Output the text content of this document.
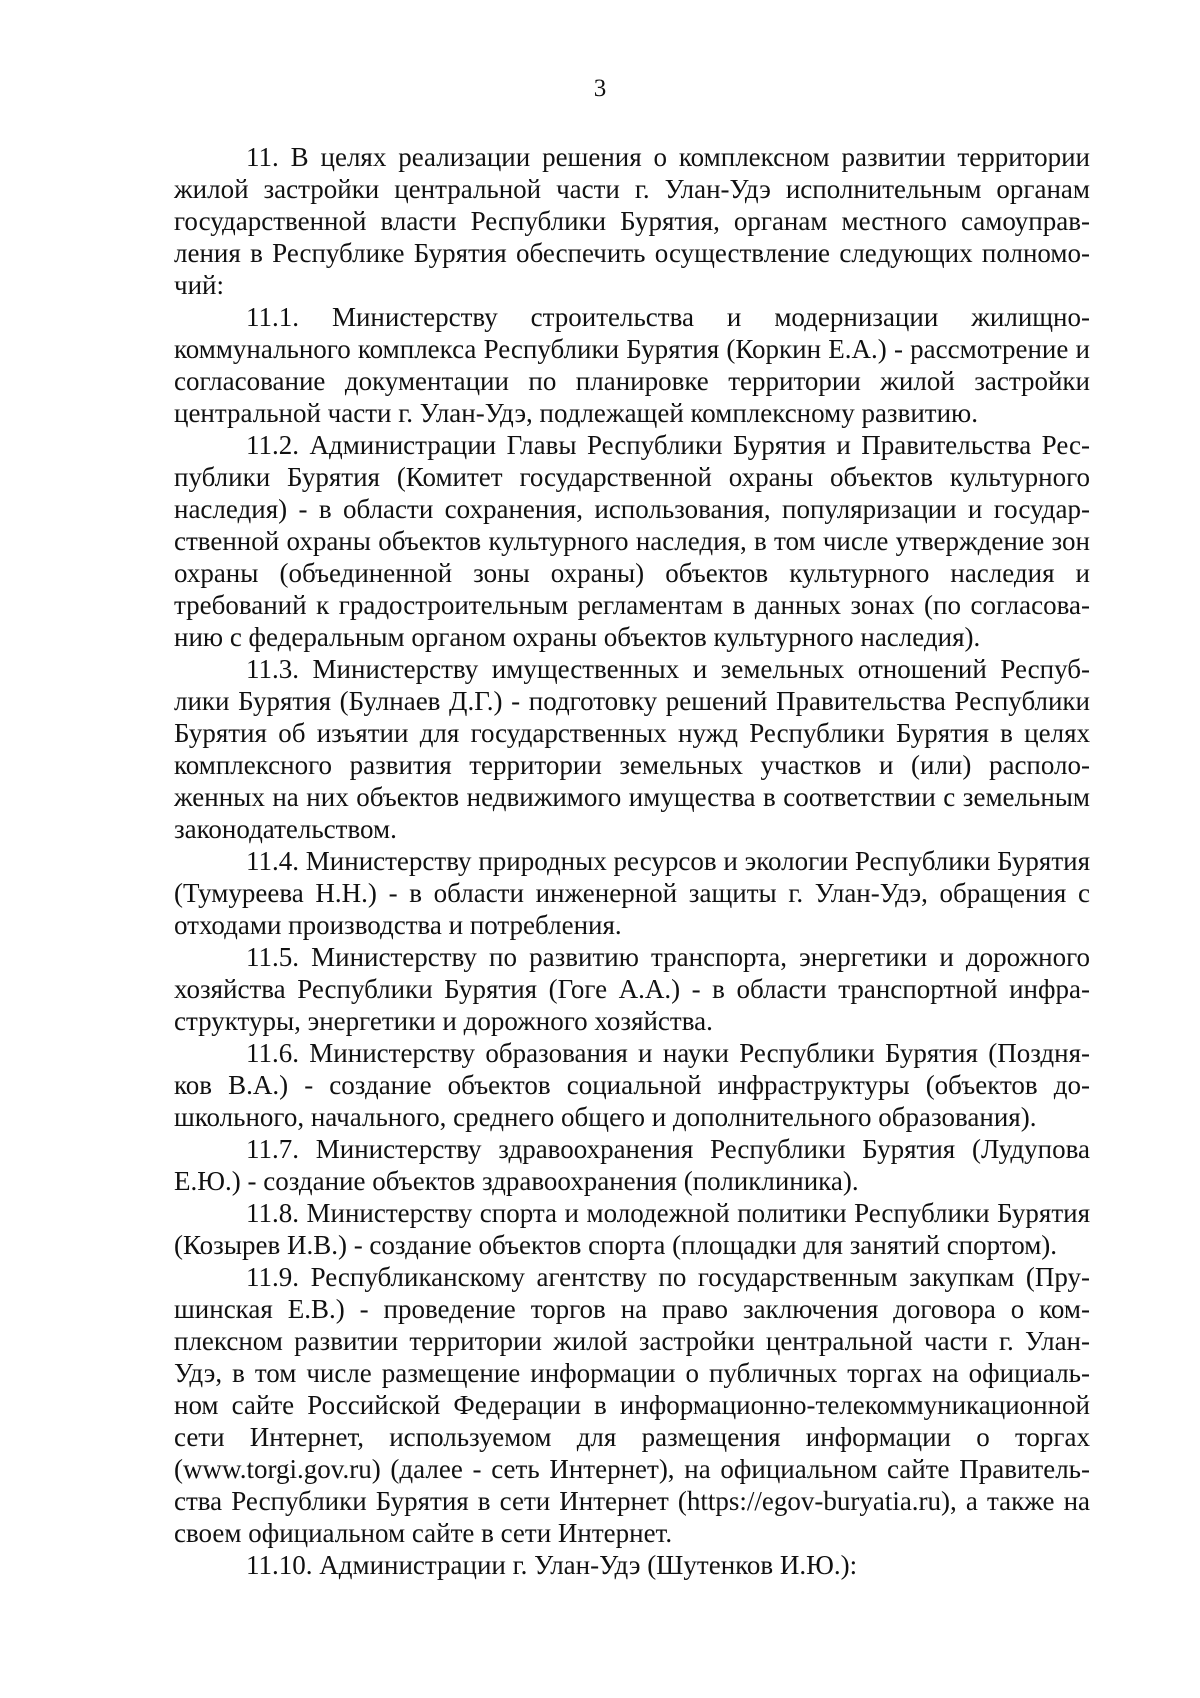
3

11. В целях реализации решения о комплексном развитии территории жилой застройки центральной части г. Улан-Удэ исполнительным органам государственной власти Республики Бурятия, органам местного самоуправления в Республике Бурятия обеспечить осуществление следующих полномочий:

11.1. Министерству строительства и модернизации жилищно-коммунального комплекса Республики Бурятия (Коркин Е.А.) - рассмотрение и согласование документации по планировке территории жилой застройки центральной части г. Улан-Удэ, подлежащей комплексному развитию.

11.2. Администрации Главы Республики Бурятия и Правительства Республики Бурятия (Комитет государственной охраны объектов культурного наследия) - в области сохранения, использования, популяризации и государственной охраны объектов культурного наследия, в том числе утверждение зон охраны (объединенной зоны охраны) объектов культурного наследия и требований к градостроительным регламентам в данных зонах (по согласованию с федеральным органом охраны объектов культурного наследия).

11.3. Министерству имущественных и земельных отношений Республики Бурятия (Булнаев Д.Г.) - подготовку решений Правительства Республики Бурятия об изъятии для государственных нужд Республики Бурятия в целях комплексного развития территории земельных участков и (или) расположенных на них объектов недвижимого имущества в соответствии с земельным законодательством.

11.4. Министерству природных ресурсов и экологии Республики Бурятия (Тумуреева Н.Н.) - в области инженерной защиты г. Улан-Удэ, обращения с отходами производства и потребления.

11.5. Министерству по развитию транспорта, энергетики и дорожного хозяйства Республики Бурятия (Гоге А.А.) - в области транспортной инфраструктуры, энергетики и дорожного хозяйства.

11.6. Министерству образования и науки Республики Бурятия (Поздняков В.А.) - создание объектов социальной инфраструктуры (объектов дошкольного, начального, среднего общего и дополнительного образования).

11.7. Министерству здравоохранения Республики Бурятия (Лудупова Е.Ю.) - создание объектов здравоохранения (поликлиника).

11.8. Министерству спорта и молодежной политики Республики Бурятия (Козырев И.В.) - создание объектов спорта (площадки для занятий спортом).

11.9. Республиканскому агентству по государственным закупкам (Прушинская Е.В.) - проведение торгов на право заключения договора о комплексном развитии территории жилой застройки центральной части г. Улан-Удэ, в том числе размещение информации о публичных торгах на официальном сайте Российской Федерации в информационно-телекоммуникационной сети Интернет, используемом для размещения информации о торгах (www.torgi.gov.ru) (далее - сеть Интернет), на официальном сайте Правительства Республики Бурятия в сети Интернет (https://egov-buryatia.ru), а также на своем официальном сайте в сети Интернет.

11.10. Администрации г. Улан-Удэ (Шутенков И.Ю.):
